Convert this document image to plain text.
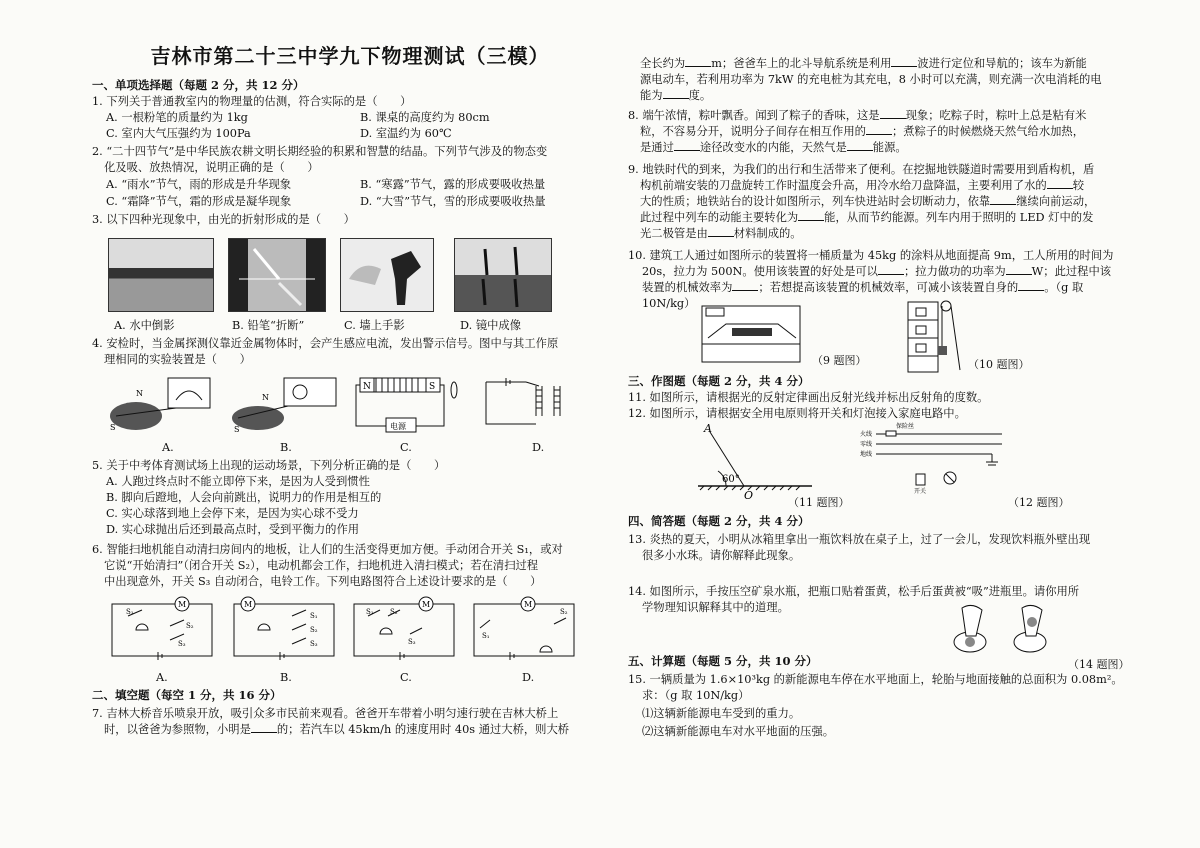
吉林市第二十三中学九下物理测试（三模）
一、单项选择题（每题 2 分，共 12 分）
1. 下列关于普通教室内的物理量的估测，符合实际的是（　　）
A. 一根粉笔的质量约为 1kg	B. 课桌的高度约为 80cm
C. 室内大气压强约为 100Pa	D. 室温约为 60℃
2. “二十四节气”是中华民族农耕文明长期经验的积累和智慧的结晶。下列节气涉及的物态变
化及吸、放热情况，说明正确的是（　　）
A. “雨水”节气，雨的形成是升华现象	B. “寒露”节气，露的形成要吸收热量
C. “霜降”节气，霜的形成是凝华现象	D. “大雪”节气，雪的形成要吸收热量
3. 以下四种光现象中，由光的折射形成的是（　　）
A. 水中倒影	B. 铅笔“折断”	C. 墙上手影	D. 镜中成像
4. 安检时，当金属探测仪靠近金属物体时，会产生感应电流，发出警示信号。图中与其工作原
理相同的实验装置是（　　）
S
N
S
N
N	S
电源
A.	B.	C.	D.
5. 关于中考体育测试场上出现的运动场景，下列分析正确的是（　　）
A. 人跑过终点时不能立即停下来，是因为人受到惯性
B. 脚向后蹬地，人会向前跳出，说明力的作用是相互的
C. 实心球落到地上会停下来，是因为实心球不受力
D. 实心球抛出后还到最高点时，受到平衡力的作用
6. 智能扫地机能自动清扫房间内的地板，让人们的生活变得更加方便。手动闭合开关 S₁，或对
它说“开始清扫”（闭合开关 S₂），电动机都会工作，扫地机进入清扫模式；若在清扫过程
中出现意外，开关 S₃ 自动闭合，电铃工作。下列电路图符合上述设计要求的是（　　）
M
S₁
S₂
S₃
M
S₁
S₂
S₃
M
S₁ S₂
S₃
M
S₁
S₂
A.	B.	C.	D.
二、填空题（每空 1 分，共 16 分）
7. 吉林大桥音乐喷泉开放，吸引众多市民前来观看。爸爸开车带着小明匀速行驶在吉林大桥上
时，以爸爸为参照物，小明是 的；若汽车以 45km/h 的速度用时 40s 通过大桥，则大桥
全长约为 m；爸爸车上的北斗导航系统是利用 波进行定位和导航的；该车为新能
源电动车，若利用功率为 7kW 的充电桩为其充电，8 小时可以充满，则充满一次电消耗的电
能为 度。
8. 端午浓情，粽叶飘香。闻到了粽子的香味，这是 现象；吃粽子时，粽叶上总是粘有米
粒，不容易分开，说明分子间存在相互作用的 ；煮粽子的时候燃烧天然气给水加热，
是通过 途径改变水的内能，天然气是 能源。
9. 地铁时代的到来，为我们的出行和生活带来了便利。在挖掘地铁隧道时需要用到盾构机，盾
构机前端安装的刀盘旋转工作时温度会升高，用冷水给刀盘降温，主要利用了水的 较
大的性质；地铁站台的设计如图所示，列车快进站时会切断动力，依靠 继续向前运动，
此过程中列车的动能主要转化为 能，从而节约能源。列车内用于照明的 LED 灯中的发
光二极管是由 材料制成的。
10. 建筑工人通过如图所示的装置将一桶质量为 45kg 的涂料从地面提高 9m，工人所用的时间为
20s，拉力为 500N。使用该装置的好处是可以 ；拉力做功的功率为 W；此过程中该
装置的机械效率为 ；若想提高该装置的机械效率，可减小该装置自身的 。（g 取
10N/kg）
（9 题图）	（10 题图）
三、作图题（每题 2 分，共 4 分）
11. 如图所示，请根据光的反射定律画出反射光线并标出反射角的度数。
12. 如图所示，请根据安全用电原则将开关和灯泡接入家庭电路中。
A
60°
O
（11 题图）
火线
零线
地线
保险丝
开关
（12 题图）
四、简答题（每题 2 分，共 4 分）
13. 炎热的夏天，小明从冰箱里拿出一瓶饮料放在桌子上，过了一会儿，发现饮料瓶外壁出现
很多小水珠。请你解释此现象。
14. 如图所示，手按压空矿泉水瓶，把瓶口贴着蛋黄，松手后蛋黄被“吸”进瓶里。请你用所
学物理知识解释其中的道理。
（14 题图）
五、计算题（每题 5 分，共 10 分）
15. 一辆质量为 1.6×10³kg 的新能源电车停在水平地面上，轮胎与地面接触的总面积为 0.08m²。
求：（g 取 10N/kg）
⑴这辆新能源电车受到的重力。
⑵这辆新能源电车对水平地面的压强。
